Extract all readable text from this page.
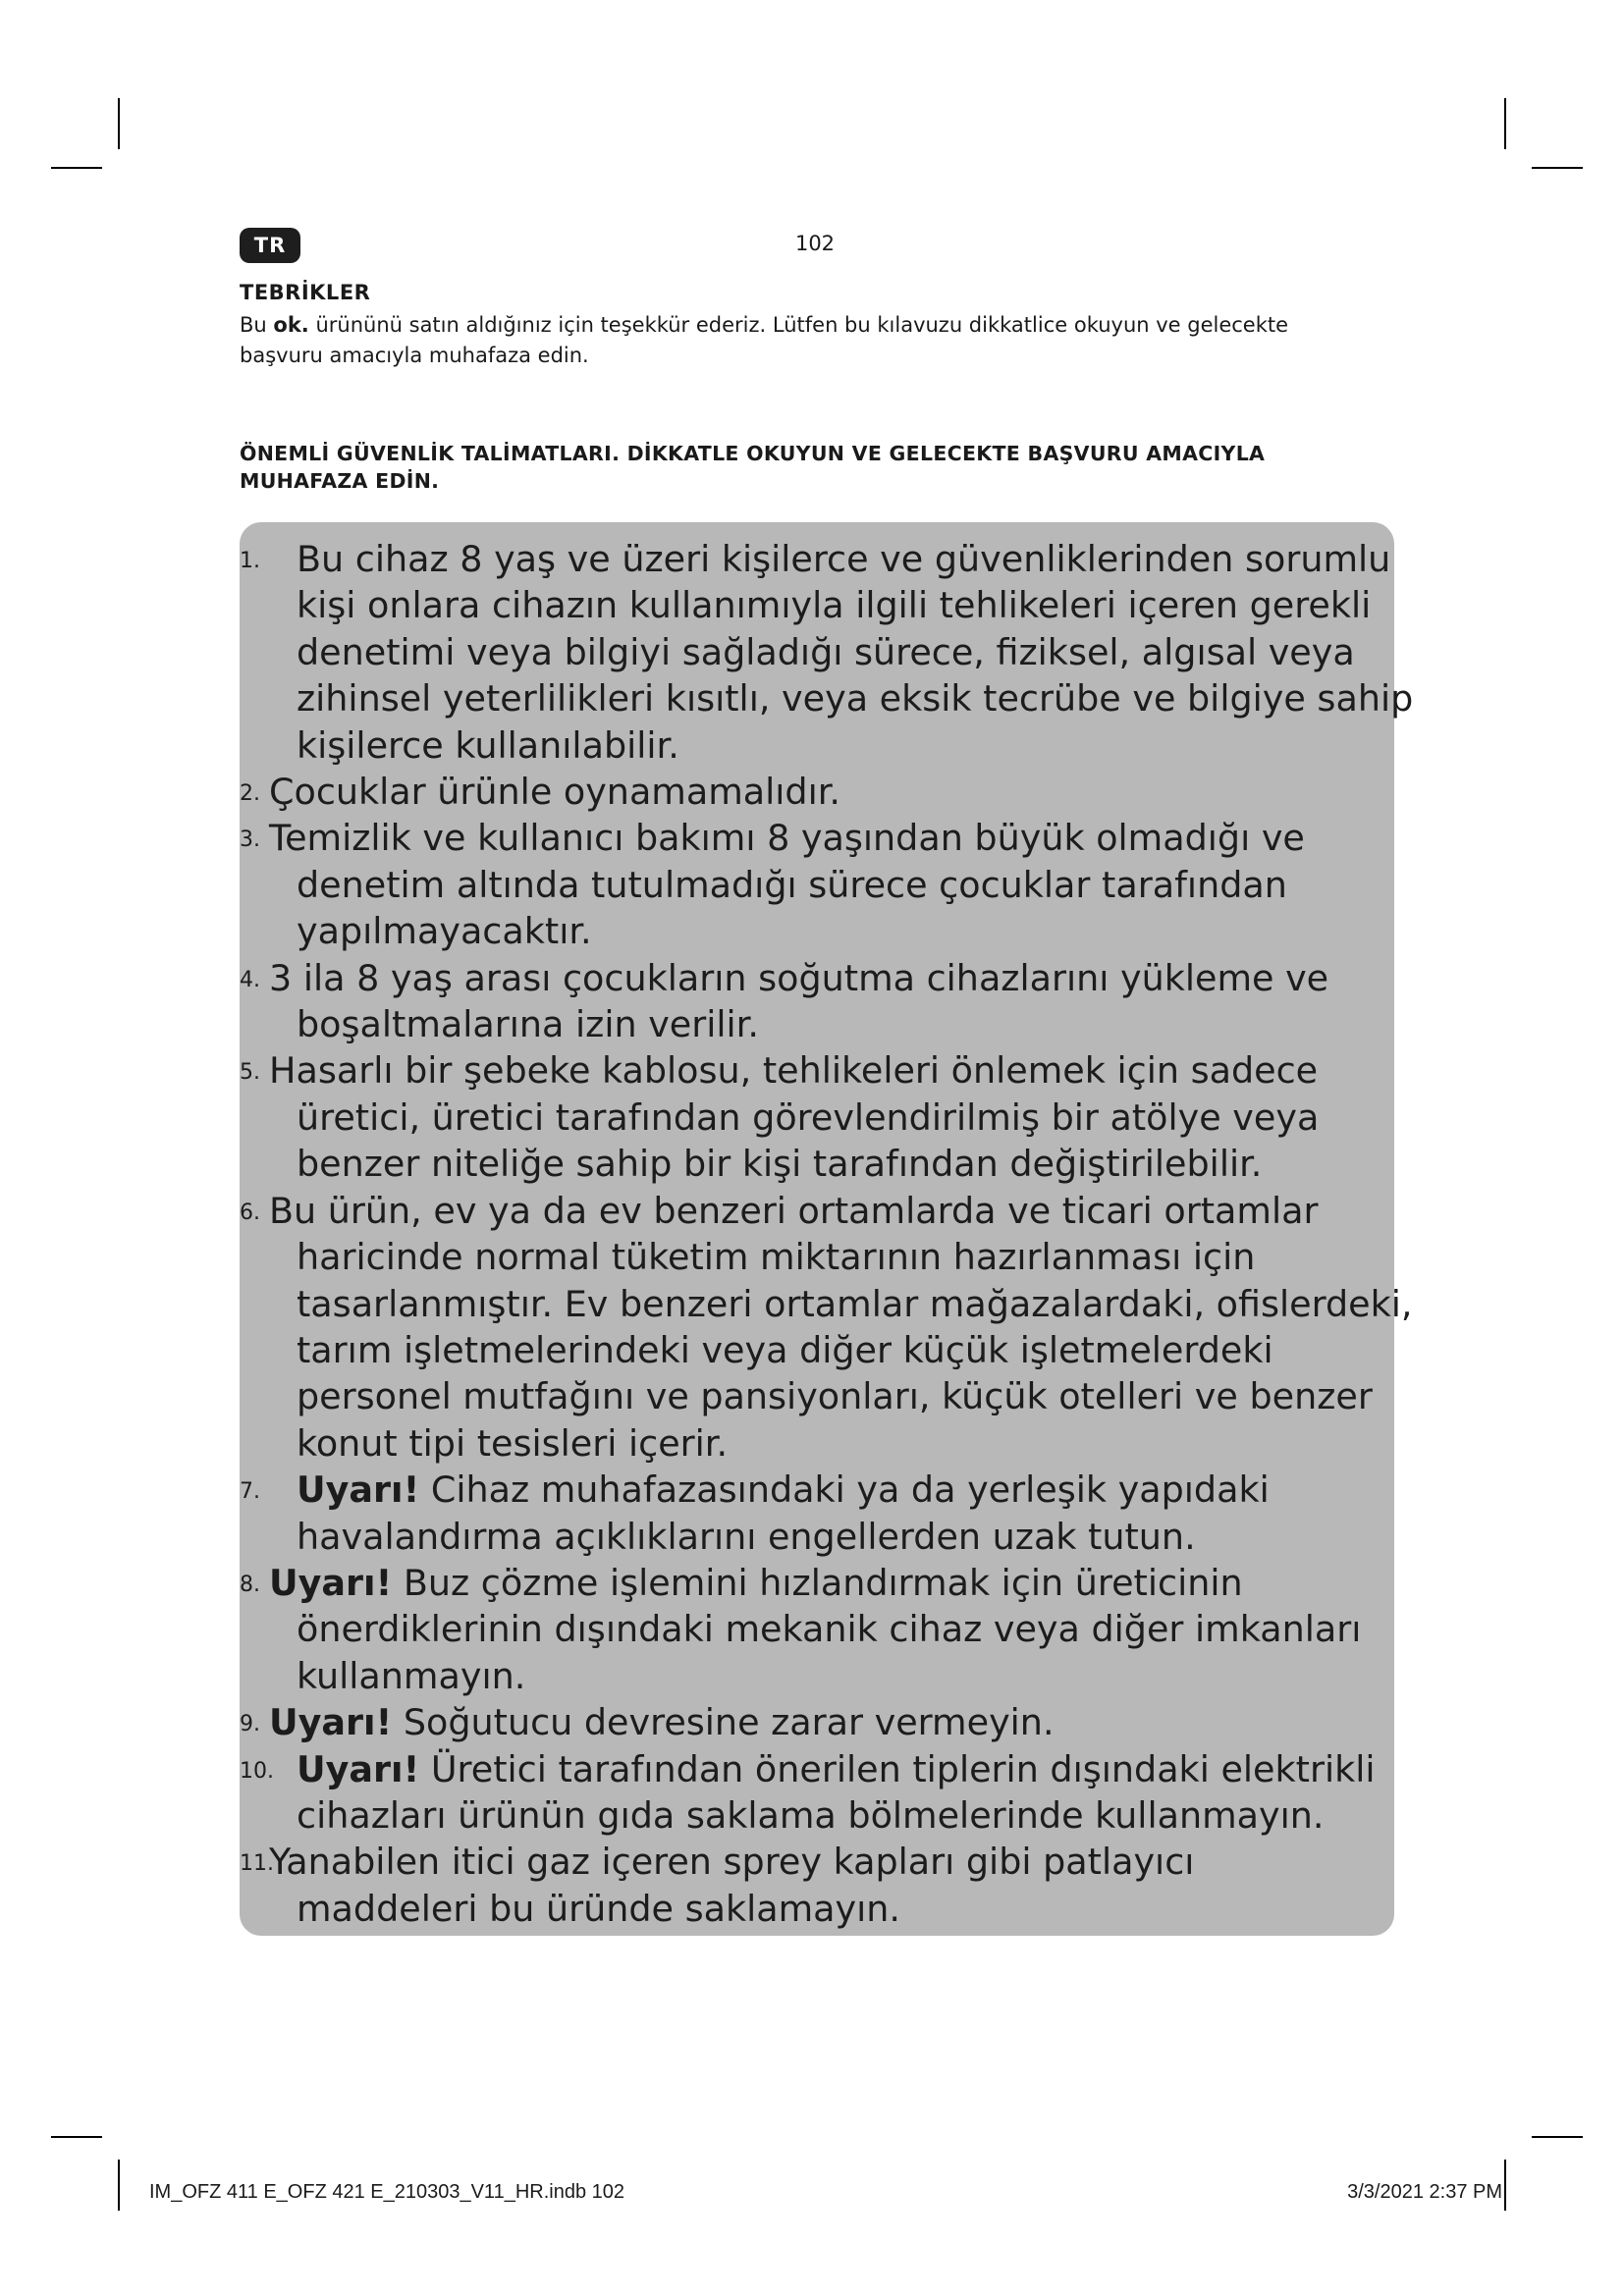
TR	102
TEBRİKLER
Bu ok. ürününü satın aldığınız için teşekkür ederiz. Lütfen bu kılavuzu dikkatlice okuyun ve gelecekte
başvuru amacıyla muhafaza edin.
ÖNEMLİ GÜVENLİK TALİMATLARI. DİKKATLE OKUYUN VE GELECEKTE BAŞVURU AMACIYLA
MUHAFAZA EDİN.
1. Bu cihaz 8 yaş ve üzeri kişilerce ve güvenliklerinden sorumlu
kişi onlara cihazın kullanımıyla ilgili tehlikeleri içeren gerekli
denetimi veya bilgiyi sağladığı sürece, fiziksel, algısal veya
zihinsel yeterlilikleri kısıtlı, veya eksik tecrübe ve bilgiye sahip
kişilerce kullanılabilir.
2. Çocuklar ürünle oynamamalıdır.
3. Temizlik ve kullanıcı bakımı 8 yaşından büyük olmadığı ve
denetim altında tutulmadığı sürece çocuklar tarafından
yapılmayacaktır.
4. 3 ila 8 yaş arası çocukların soğutma cihazlarını yükleme ve
boşaltmalarına izin verilir.
5. Hasarlı bir şebeke kablosu, tehlikeleri önlemek için sadece
üretici, üretici tarafından görevlendirilmiş bir atölye veya
benzer niteliğe sahip bir kişi tarafından değiştirilebilir.
6. Bu ürün, ev ya da ev benzeri ortamlarda ve ticari ortamlar
haricinde normal tüketim miktarının hazırlanması için
tasarlanmıştır. Ev benzeri ortamlar mağazalardaki, ofislerdeki,
tarım işletmelerindeki veya diğer küçük işletmelerdeki
personel mutfağını ve pansiyonları, küçük otelleri ve benzer
konut tipi tesisleri içerir.
7. Uyarı! Cihaz muhafazasındaki ya da yerleşik yapıdaki
havalandırma açıklıklarını engellerden uzak tutun.
8. Uyarı! Buz çözme işlemini hızlandırmak için üreticinin
önerdiklerinin dışındaki mekanik cihaz veya diğer imkanları
kullanmayın.
9. Uyarı! Soğutucu devresine zarar vermeyin.
10. Uyarı! Üretici tarafından önerilen tiplerin dışındaki elektrikli
cihazları ürünün gıda saklama bölmelerinde kullanmayın.
11.
Yanabilen itici gaz içeren sprey kapları gibi patlayıcı
maddeleri bu üründe saklamayın.
IM_OFZ 411 E_OFZ 421 E_210303_V11_HR.indb 102	3/3/2021 2:37 PM
